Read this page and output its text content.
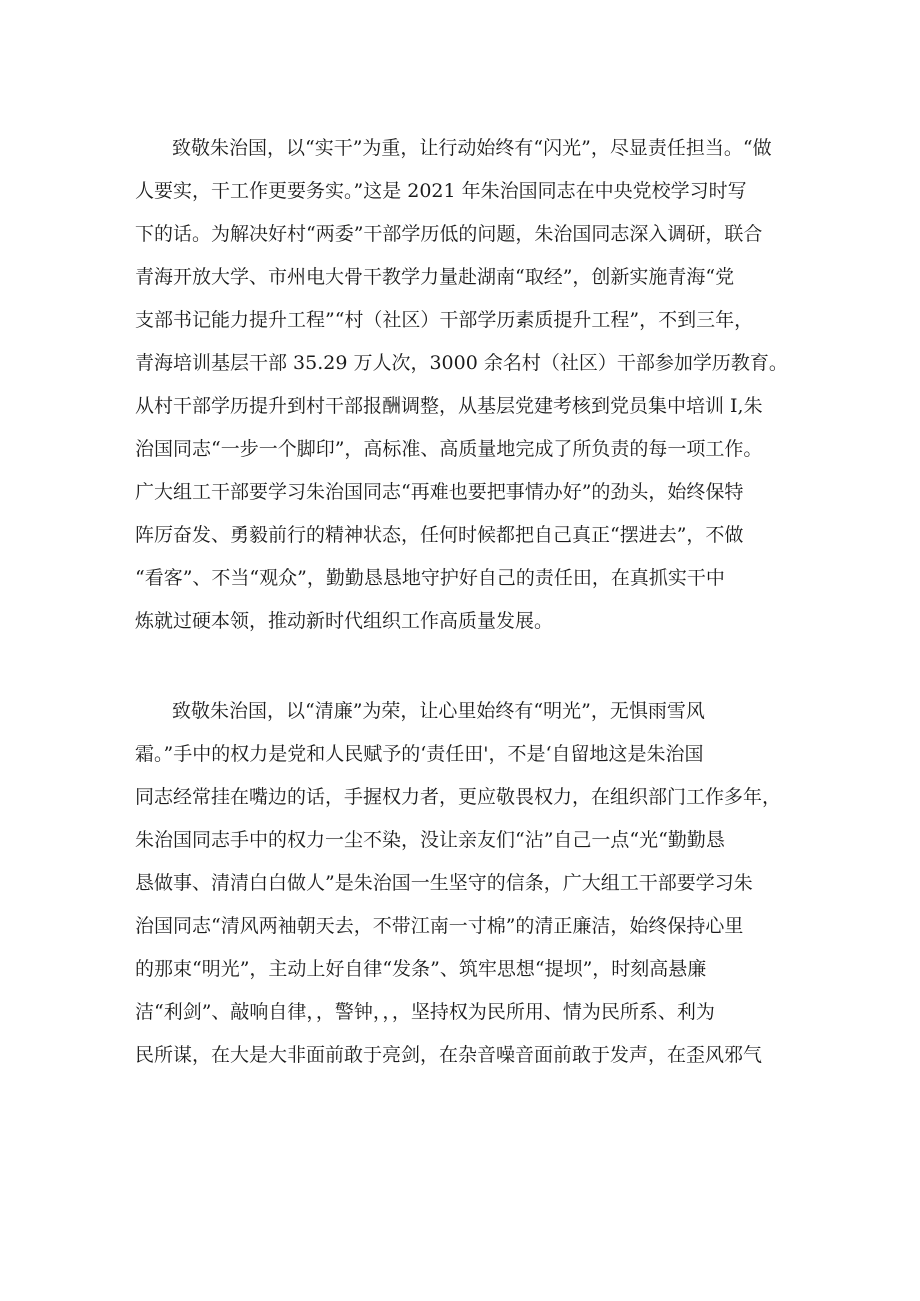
致敬朱治国，以“实干”为重，让行动始终有“闪光”，尽显责任担当。“做

人要实，干工作更要务实。”这是 2021 年朱治国同志在中央党校学习时写

下的话。为解决好村“两委”干部学历低的问题，朱治国同志深入调研，联合

青海开放大学、市州电大骨干教学力量赴湖南“取经”，创新实施青海“党

支部书记能力提升工程”“村（社区）干部学历素质提升工程”，不到三年，

青海培训基层干部 35.29 万人次，3000 余名村（社区）干部参加学历教育。

从村干部学历提升到村干部报酬调整，从基层党建考核到党员集中培训 I,朱

治国同志“一步一个脚印”，高标准、高质量地完成了所负责的每一项工作。

广大组工干部要学习朱治国同志“再难也要把事情办好”的劲头，始终保特

阵厉奋发、勇毅前行的精神状态，任何时候都把自己真正“摆进去”，不做

“看客”、不当“观众”，勤勤恳恳地守护好自己的责任田，在真抓实干中

炼就过硬本领，推动新时代组织工作高质量发展。

致敬朱治国，以“清廉”为荣，让心里始终有“明光”，无惧雨雪风

霜。”手中的权力是党和人民赋予的‘责任田'，不是‘自留地这是朱治国

同志经常挂在嘴边的话，手握权力者，更应敬畏权力，在组织部门工作多年，

朱治国同志手中的权力一尘不染，没让亲友们“沾”自己一点“光“勤勤恳

恳做事、清清白白做人”是朱治国一生坚守的信条，广大组工干部要学习朱

治国同志“清风两袖朝天去，不带江南一寸棉”的清正廉洁，始终保持心里

的那束“明光”，主动上好自律“发条”、筑牢思想“提坝”，时刻高悬廉

洁“利剑”、敲响自律，，警钟，，，坚持权为民所用、情为民所系、利为

民所谋，在大是大非面前敢于亮剑，在杂音噪音面前敢于发声，在歪风邪气
